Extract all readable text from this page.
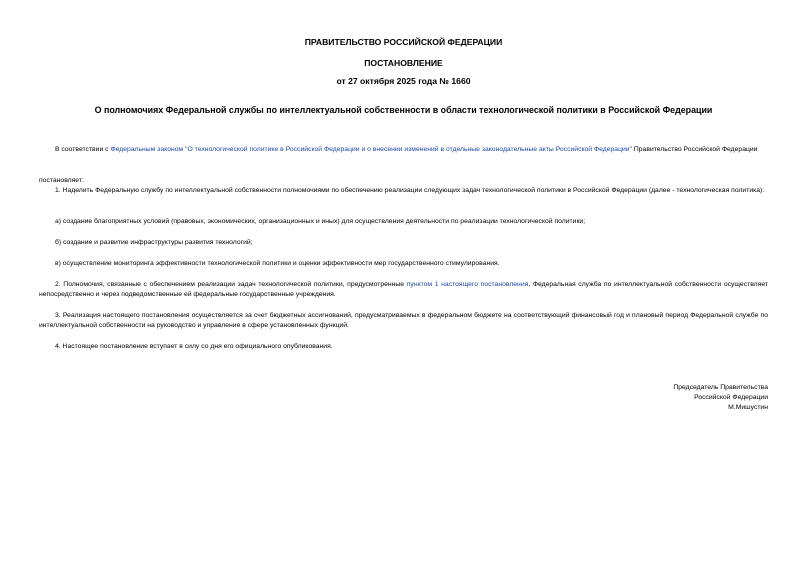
ПРАВИТЕЛЬСТВО РОССИЙСКОЙ ФЕДЕРАЦИИ
ПОСТАНОВЛЕНИЕ
от 27 октября 2025 года № 1660
О полномочиях Федеральной службы по интеллектуальной собственности в области технологической политики в Российской Федерации

В соответствии с Федеральным законом "О технологической политике в Российской Федерации и о внесении изменений в отдельные законодательные акты Российской Федерации" Правительство Российской Федерации

постановляет:

1. Наделить Федеральную службу по интеллектуальной собственности полномочиями по обеспечению реализации следующих задач технологической политики в Российской Федерации (далее - технологическая политика):

а) создание благоприятных условий (правовых, экономических, организационных и иных) для осуществления деятельности по реализации технологической политики;

б) создание и развитие инфраструктуры развития технологий;

в) осуществление мониторинга эффективности технологической политики и оценки эффективности мер государственного стимулирования.

2. Полномочия, связанные с обеспечением реализации задач технологической политики, предусмотренные пунктом 1 настоящего постановления, Федеральная служба по интеллектуальной собственности осуществляет непосредственно и через подведомственные ей федеральные государственные учреждения.

3. Реализация настоящего постановления осуществляется за счет бюджетных ассигнований, предусматриваемых в федеральном бюджете на соответствующий финансовый год и плановый период Федеральной службе по интеллектуальной собственности на руководство и управление в сфере установленных функций.

4. Настоящее постановление вступает в силу со дня его официального опубликования.

Председатель Правительства
Российской Федерации
М.Мишустин
